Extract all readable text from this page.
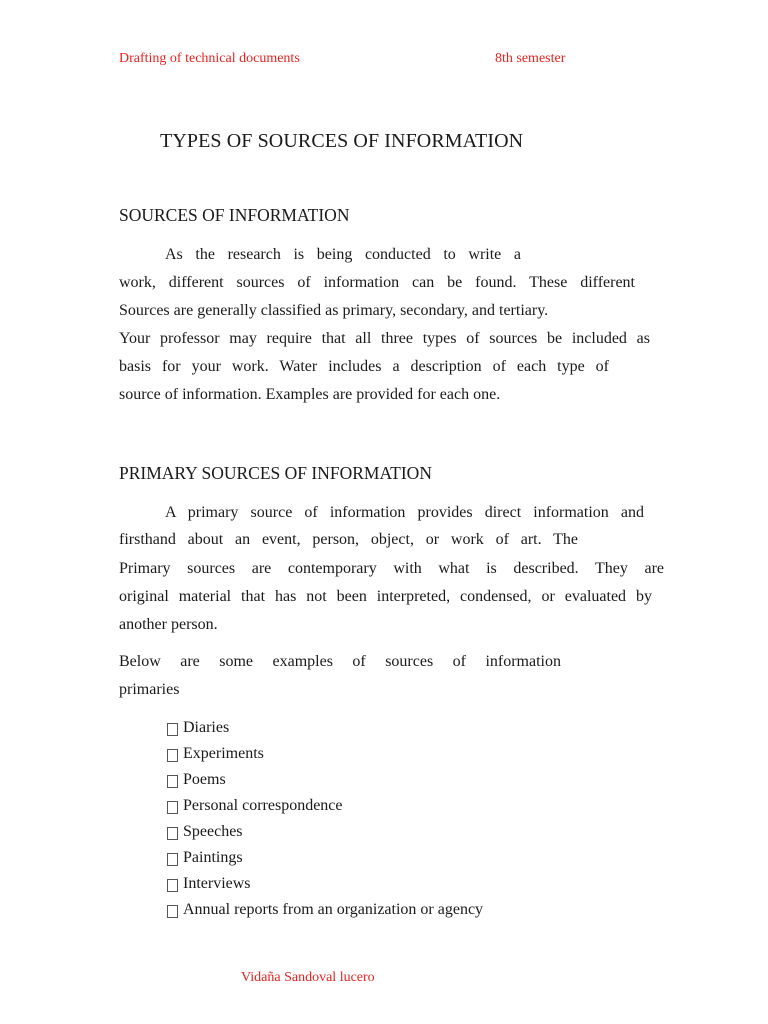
Drafting of technical documents	8th semester
TYPES OF SOURCES OF INFORMATION
SOURCES OF INFORMATION
As the research is being conducted to write a
work, different sources of information can be found. These different
Sources are generally classified as primary, secondary, and tertiary.
Your professor may require that all three types of sources be included as
basis for your work. Water includes a description of each type of
source of information. Examples are provided for each one.
PRIMARY SOURCES OF INFORMATION
A primary source of information provides direct information and
firsthand about an event, person, object, or work of art. The
Primary sources are contemporary with what is described. They are
original material that has not been interpreted, condensed, or evaluated by
another person.
Below are some examples of sources of information
primaries
Diaries
Experiments
Poems
Personal correspondence
Speeches
Paintings
Interviews
Annual reports from an organization or agency
Vidaña Sandoval lucero
